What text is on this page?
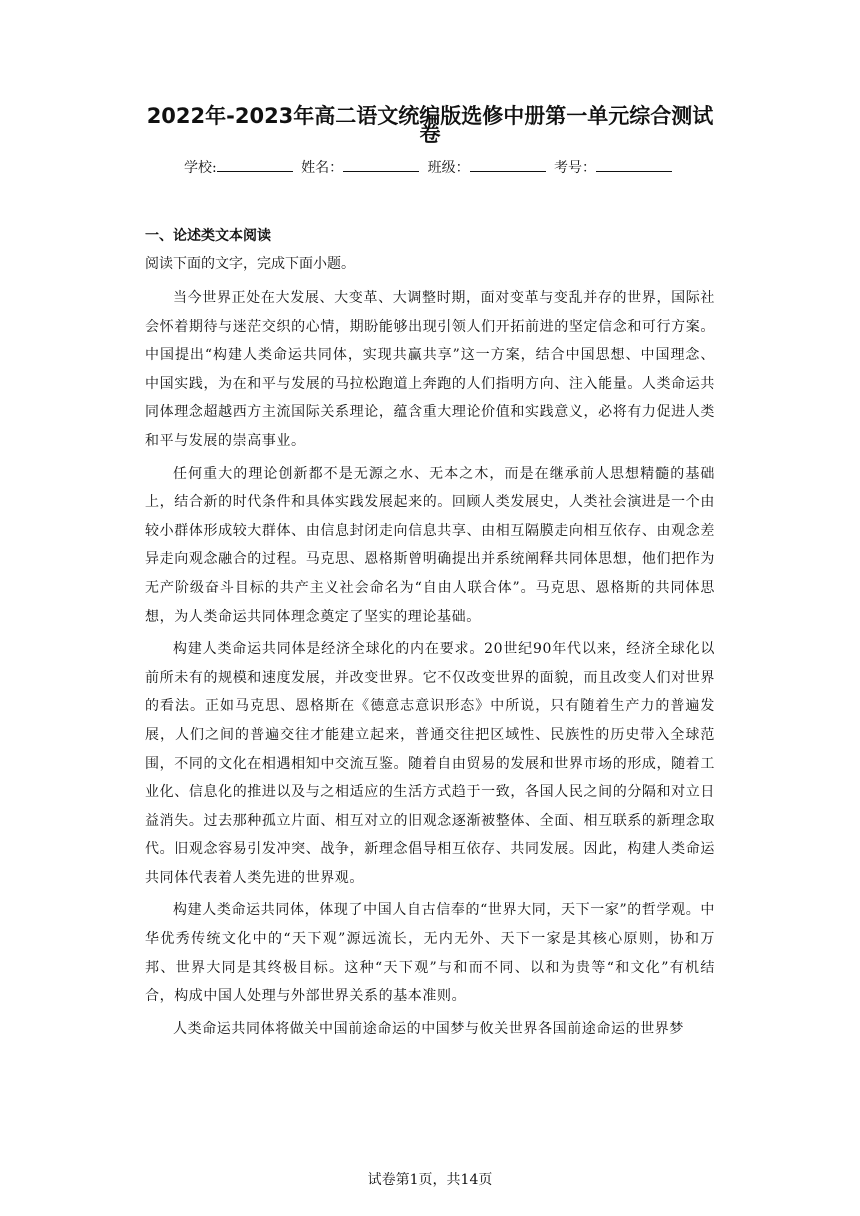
2022年-2023年高二语文统编版选修中册第一单元综合测试
卷
学校:	姓名：	班级：	考号：
一、论述类文本阅读

阅读下面的文字，完成下面小题。

当今世界正处在大发展、大变革、大调整时期，面对变革与变乱并存的世界，国际社会怀着期待与迷茫交织的心情，期盼能够出现引领人们开拓前进的坚定信念和可行方案。中国提出“构建人类命运共同体，实现共赢共享”这一方案，结合中国思想、中国理念、中国实践，为在和平与发展的马拉松跑道上奔跑的人们指明方向、注入能量。人类命运共同体理念超越西方主流国际关系理论，蕴含重大理论价值和实践意义，必将有力促进人类和平与发展的崇高事业。

任何重大的理论创新都不是无源之水、无本之木，而是在继承前人思想精髓的基础上，结合新的时代条件和具体实践发展起来的。回顾人类发展史，人类社会演进是一个由较小群体形成较大群体、由信息封闭走向信息共享、由相互隔膜走向相互依存、由观念差异走向观念融合的过程。马克思、恩格斯曾明确提出并系统阐释共同体思想，他们把作为无产阶级奋斗目标的共产主义社会命名为“自由人联合体”。马克思、恩格斯的共同体思想，为人类命运共同体理念奠定了坚实的理论基础。

构建人类命运共同体是经济全球化的内在要求。20世纪90年代以来，经济全球化以前所未有的规模和速度发展，并改变世界。它不仅改变世界的面貌，而且改变人们对世界的看法。正如马克思、恩格斯在《德意志意识形态》中所说，只有随着生产力的普遍发展，人们之间的普遍交往才能建立起来，普通交往把区域性、民族性的历史带入全球范围，不同的文化在相遇相知中交流互鉴。随着自由贸易的发展和世界市场的形成，随着工业化、信息化的推进以及与之相适应的生活方式趋于一致，各国人民之间的分隔和对立日益消失。过去那种孤立片面、相互对立的旧观念逐渐被整体、全面、相互联系的新理念取代。旧观念容易引发冲突、战争，新理念倡导相互依存、共同发展。因此，构建人类命运共同体代表着人类先进的世界观。

构建人类命运共同体，体现了中国人自古信奉的“世界大同，天下一家”的哲学观。中华优秀传统文化中的“天下观”源远流长，无内无外、天下一家是其核心原则，协和万邦、世界大同是其终极目标。这种“天下观”与和而不同、以和为贵等“和文化”有机结合，构成中国人处理与外部世界关系的基本准则。

人类命运共同体将做关中国前途命运的中国梦与攸关世界各国前途命运的世界梦

试卷第1页，共14页
